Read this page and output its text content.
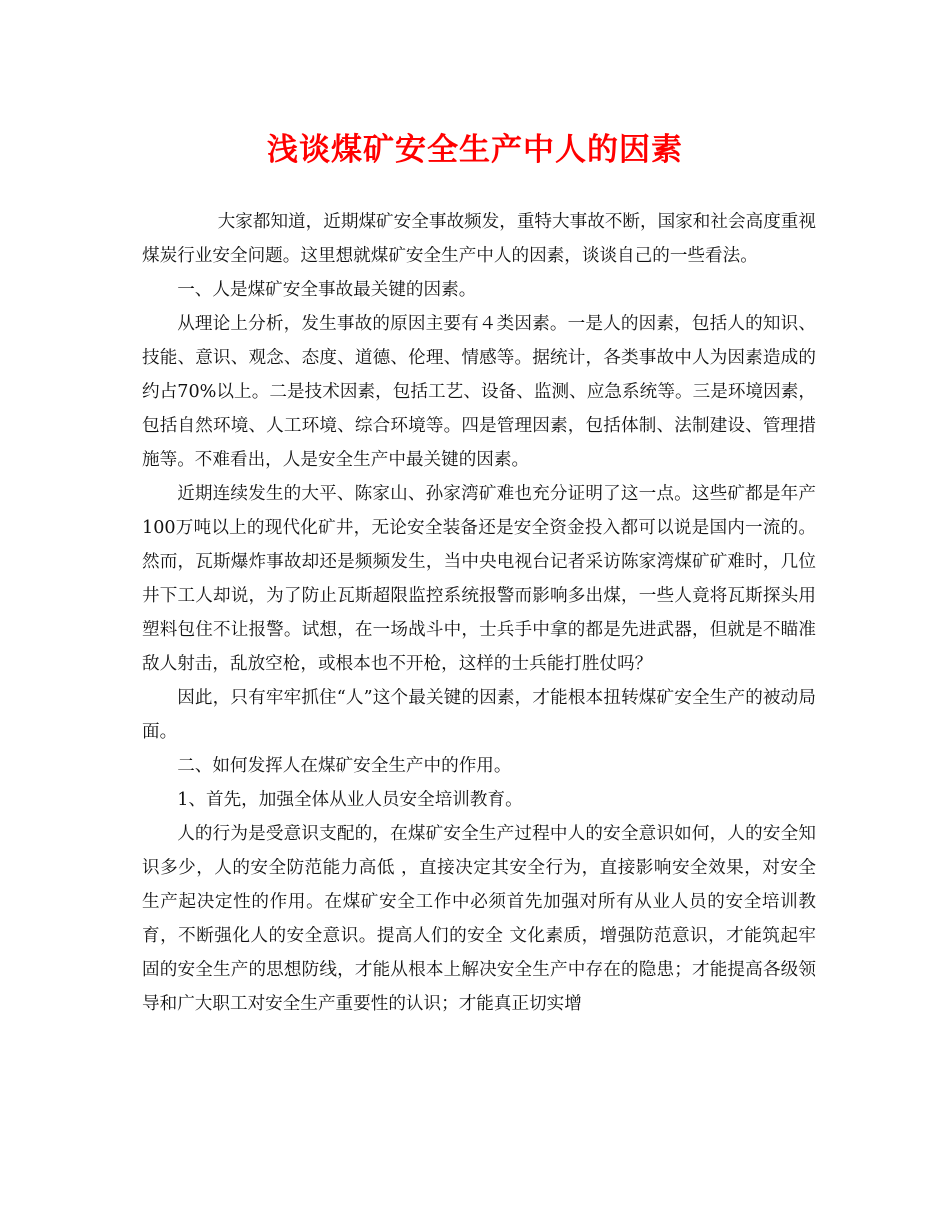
浅谈煤矿安全生产中人的因素

大家都知道，近期煤矿安全事故频发，重特大事故不断，国家和社会高度重视煤炭行业安全问题。这里想就煤矿安全生产中人的因素，谈谈自己的一些看法。

一、人是煤矿安全事故最关键的因素。

从理论上分析，发生事故的原因主要有４类因素。一是人的因素，包括人的知识、技能、意识、观念、态度、道德、伦理、情感等。据统计，各类事故中人为因素造成的约占70%以上。二是技术因素，包括工艺、设备、监测、应急系统等。三是环境因素，包括自然环境、人工环境、综合环境等。四是管理因素，包括体制、法制建设、管理措施等。不难看出，人是安全生产中最关键的因素。

近期连续发生的大平、陈家山、孙家湾矿难也充分证明了这一点。这些矿都是年产100万吨以上的现代化矿井，无论安全装备还是安全资金投入都可以说是国内一流的。然而，瓦斯爆炸事故却还是频频发生，当中央电视台记者采访陈家湾煤矿矿难时，几位井下工人却说，为了防止瓦斯超限监控系统报警而影响多出煤，一些人竟将瓦斯探头用塑料包住不让报警。试想，在一场战斗中，士兵手中拿的都是先进武器，但就是不瞄准敌人射击，乱放空枪，或根本也不开枪，这样的士兵能打胜仗吗？

因此，只有牢牢抓住“人”这个最关键的因素，才能根本扭转煤矿安全生产的被动局面。

二、如何发挥人在煤矿安全生产中的作用。

1、首先，加强全体从业人员安全培训教育。

人的行为是受意识支配的，在煤矿安全生产过程中人的安全意识如何，人的安全知识多少，人的安全防范能力高低 ，直接决定其安全行为，直接影响安全效果，对安全生产起决定性的作用。在煤矿安全工作中必须首先加强对所有从业人员的安全培训教育，不断强化人的安全意识。提高人们的安全 文化素质，增强防范意识，才能筑起牢固的安全生产的思想防线，才能从根本上解决安全生产中存在的隐患；才能提高各级领导和广大职工对安全生产重要性的认识；才能真正切实增
